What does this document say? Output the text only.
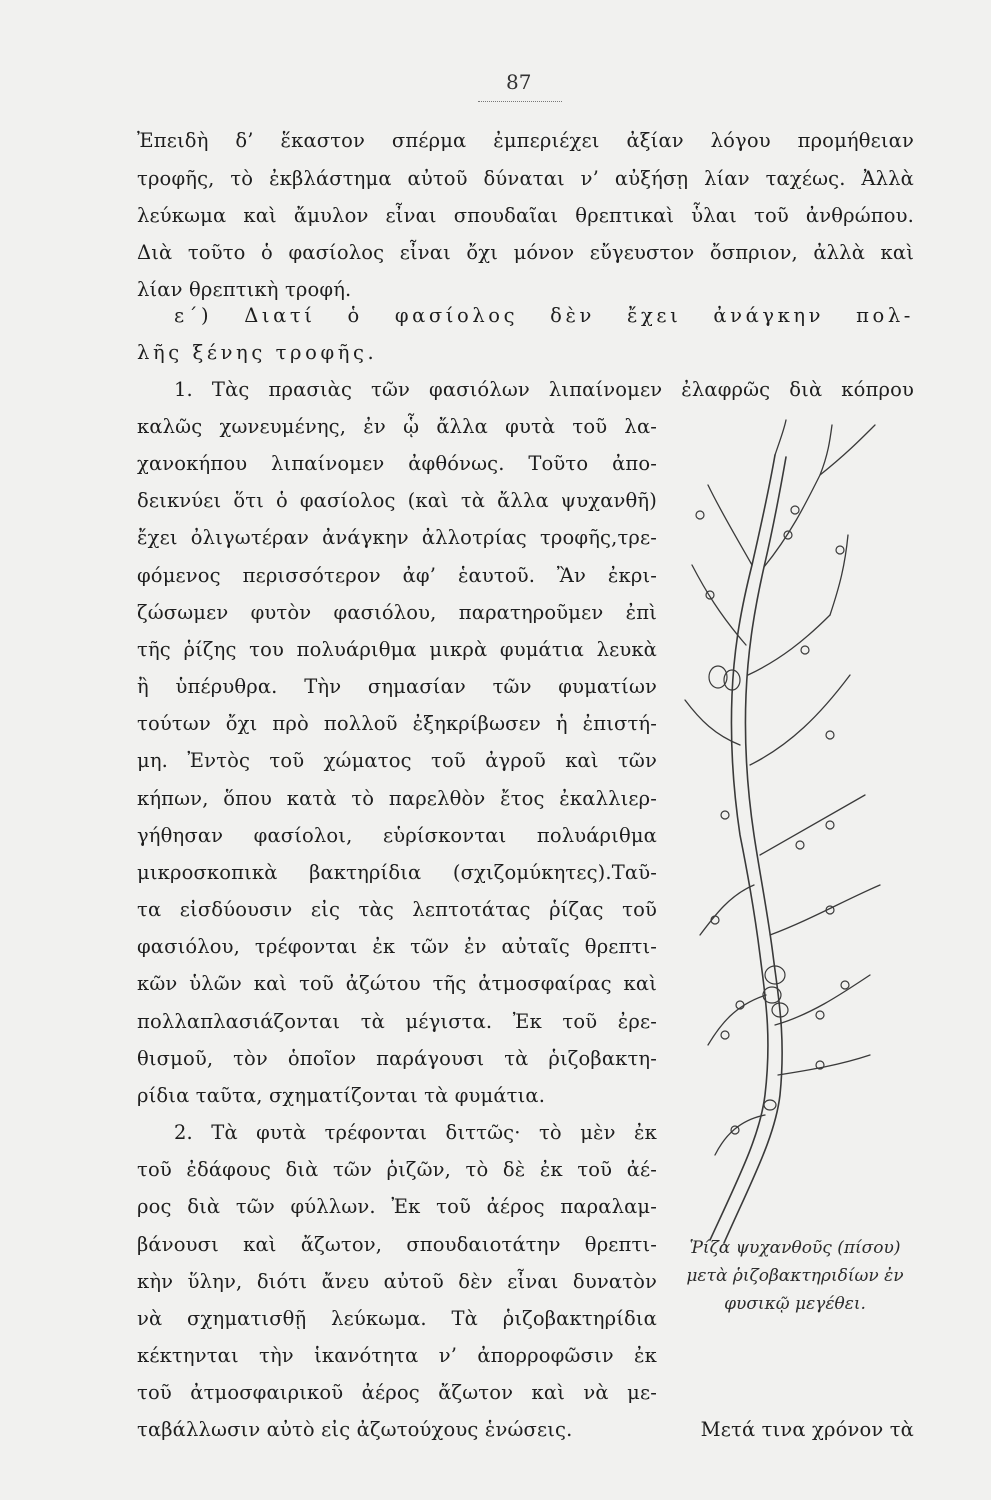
87
Ἐπειδὴ δ’ ἕκαστον σπέρμα ἐμπεριέχει ἀξίαν λόγου προμήθειαν
τροφῆς, τὸ ἐκβλάστημα αὐτοῦ δύναται ν’ αὐξήσῃ λίαν ταχέως. Ἀλλὰ
λεύκωμα καὶ ἄμυλον εἶναι σπουδαῖαι θρεπτικαὶ ὗλαι τοῦ ἀνθρώπου.
Διὰ τοῦτο ὁ φασίολος εἶναι ὄχι μόνον εὔγευστον ὄσπριον, ἀλλὰ καὶ
λίαν θρεπτικὴ τροφή.
ε΄) Διατί ὁ φασίολος δὲν ἔχει ἀνάγκην πολ-
λῆς ξένης τροφῆς.
1. Τὰς πρασιὰς τῶν φασιόλων λιπαίνομεν ἐλαφρῶς διὰ κόπρου
καλῶς χωνευμένης, ἐν ᾧ ἄλλα φυτὰ τοῦ λα-
χανοκήπου λιπαίνομεν ἀφθόνως. Τοῦτο ἀπο-
δεικνύει ὅτι ὁ φασίολος (καὶ τὰ ἄλλα ψυχανθῆ)
ἔχει ὀλιγωτέραν ἀνάγκην ἀλλοτρίας τροφῆς,τρε-
φόμενος περισσότερον ἀφ’ ἑαυτοῦ. Ἂν ἐκρι-
ζώσωμεν φυτὸν φασιόλου, παρατηροῦμεν ἐπὶ
τῆς ῥίζης του πολυάριθμα μικρὰ φυμάτια λευκὰ
ἢ ὑπέρυθρα. Τὴν σημασίαν τῶν φυματίων
τούτων ὄχι πρὸ πολλοῦ ἐξηκρίβωσεν ἡ ἐπιστή-
μη. Ἐντὸς τοῦ χώματος τοῦ ἀγροῦ καὶ τῶν
κήπων, ὅπου κατὰ τὸ παρελθὸν ἔτος ἐκαλλιερ-
γήθησαν φασίολοι, εὑρίσκονται πολυάριθμα
μικροσκοπικὰ βακτηρίδια (σχιζομύκητες).Ταῦ-
τα εἰσδύουσιν εἰς τὰς λεπτοτάτας ῥίζας τοῦ
φασιόλου, τρέφονται ἐκ τῶν ἐν αὐταῖς θρεπτι-
κῶν ὑλῶν καὶ τοῦ ἀζώτου τῆς ἀτμοσφαίρας καὶ
πολλαπλασιάζονται τὰ μέγιστα. Ἐκ τοῦ ἐρε-
θισμοῦ, τὸν ὁποῖον παράγουσι τὰ ῥιζοβακτη-
ρίδια ταῦτα, σχηματίζονται τὰ φυμάτια.
2. Τὰ φυτὰ τρέφονται διττῶς· τὸ μὲν ἐκ
τοῦ ἐδάφους διὰ τῶν ῥιζῶν, τὸ δὲ ἐκ τοῦ ἀέ-
ρος διὰ τῶν φύλλων. Ἐκ τοῦ ἀέρος παραλαμ-
βάνουσι καὶ ἄζωτον, σπουδαιοτάτην θρεπτι-
κὴν ὕλην, διότι ἄνευ αὐτοῦ δὲν εἶναι δυνατὸν
νὰ σχηματισθῇ λεύκωμα. Τὰ ῥιζοβακτηρίδια
κέκτηνται τὴν ἱκανότητα ν’ ἀπορροφῶσιν ἐκ
τοῦ ἀτμοσφαιρικοῦ ἀέρος ἄζωτον καὶ νὰ με-
ταβάλλωσιν αὐτὸ εἰς ἀζωτούχους ἑνώσεις.	Μετά τινα χρόνον τὰ
Ῥίζα ψυχανθοῦς (πίσου)
μετὰ ῥιζοβακτηριδίων ἐν
φυσικῷ μεγέθει.
